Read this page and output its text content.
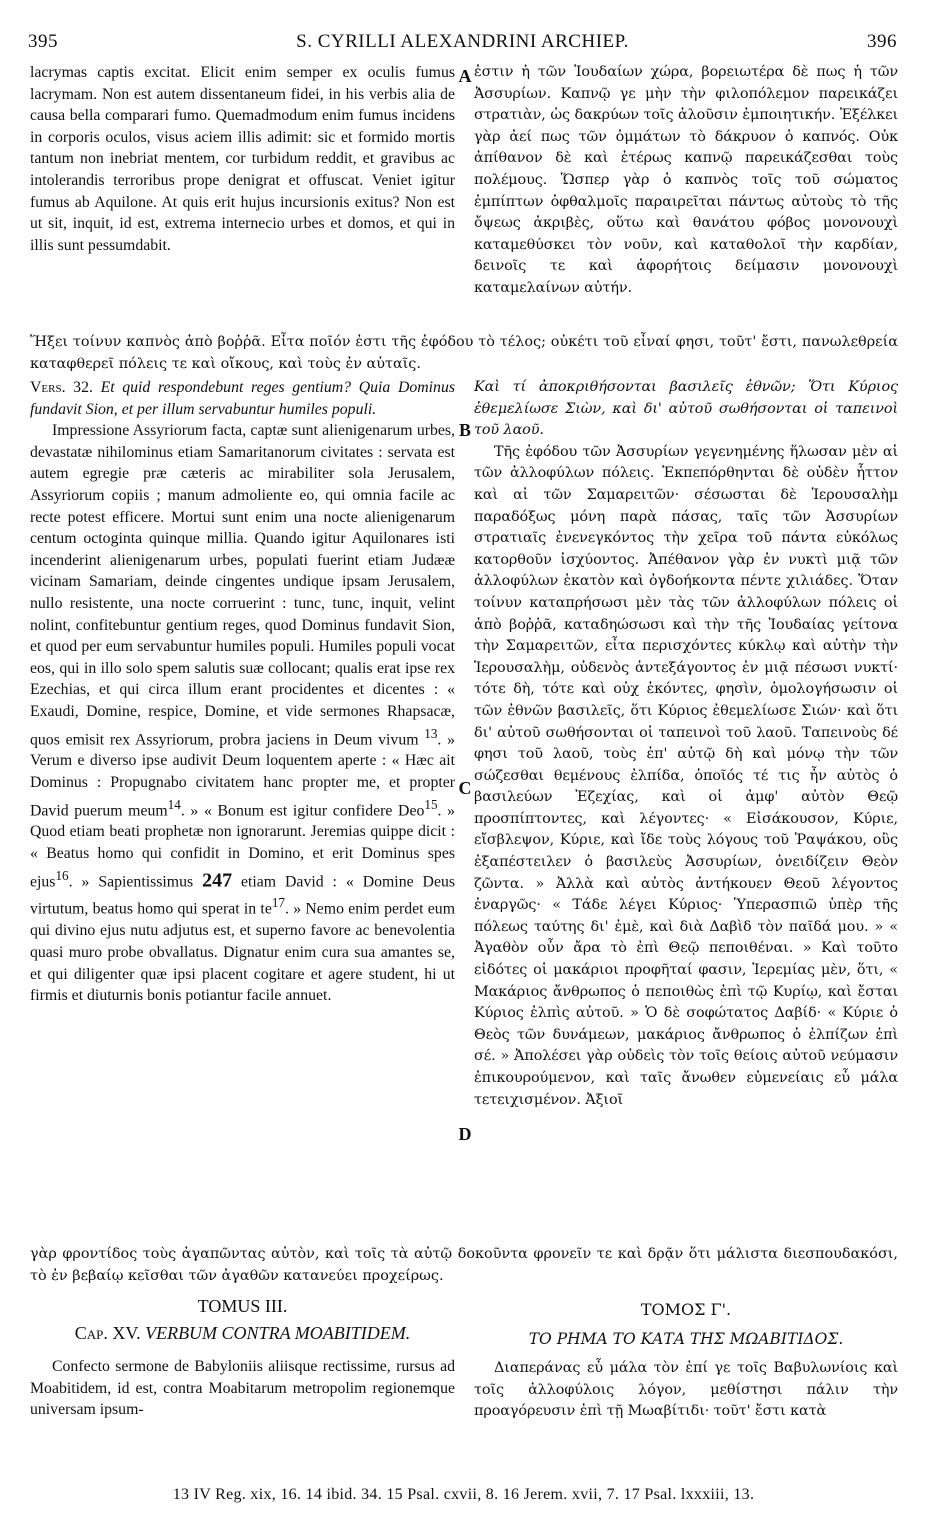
395	S. CYRILLI ALEXANDRINI ARCHIEP.	396

lacrymas captis excitat. Elicit enim semper ex oculis fumus lacrymam. Non est autem dissentaneum fidei, in his verbis alia de causa bella comparari fumo. Quemadmodum enim fumus incidens in corporis oculos, visus aciem illis adimit: sic et formido mortis tantum non inebriat mentem, cor turbidum reddit, et gravibus ac intolerandis terroribus prope denigrat et offuscat. Veniet igitur fumus ab Aquilone. At quis erit hujus incursionis exitus? Non est ut sit, inquit, id est, extrema internecio urbes et domos, et qui in illis sunt pessumdabit.

ἐστιν ἡ τῶν Ἰουδαίων χώρα, βορειωτέρα δὲ πως ἡ τῶν Ἀσσυρίων. Καπνῷ γε μὴν τὴν φιλοπόλεμον παρεικάζει στρατιὰν, ὡς δακρύων τοῖς ἁλοῦσιν ἐμποιητικήν. Ἐξέλκει γὰρ ἀεί πως τῶν ὀμμάτων τὸ δάκρυον ὁ καπνός. Οὐκ ἀπίθανον δὲ καὶ ἑτέρως καπνῷ παρεικάζεσθαι τοὺς πολέμους. Ὥσπερ γὰρ ὁ καπνὸς τοῖς τοῦ σώματος ἐμπίπτων ὀφθαλμοῖς παραιρεῖται πάντως αὐτοὺς τὸ τῆς ὄψεως ἀκριβὲς, οὕτω καὶ θανάτου φόβος μονονουχὶ καταμεθύσκει τὸν νοῦν, καὶ καταθολοῖ τὴν καρδίαν, δεινοῖς τε καὶ ἀφορήτοις δείμασιν μονονουχὶ καταμελαίνων αὐτήν.

A
Ἥξει τοίνυν καπνὸς ἀπὸ βοῤῥᾶ. Εἶτα ποῖόν ἐστι τῆς ἐφόδου τὸ τέλος; οὐκέτι τοῦ εἶναί φησι, τοῦτ' ἔστι, πανωλεθρεία καταφθερεῖ πόλεις τε καὶ οἴκους, καὶ τοὺς ἐν αὐταῖς.

Vers. 32. Et quid respondebunt reges gentium? Quia Dominus fundavit Sion, et per illum servabuntur humiles populi.

Impressione Assyriorum facta, captæ sunt alienigenarum urbes, devastatæ nihilominus etiam Samaritanorum civitates : servata est autem egregie præ cæteris ac mirabiliter sola Jerusalem, Assyriorum copiis ; manum admoliente eo, qui omnia facile ac recte potest efficere. Mortui sunt enim una nocte alienigenarum centum octoginta quinque millia. Quando igitur Aquilonares isti incenderint alienigenarum urbes, populati fuerint etiam Judææ vicinam Samariam, deinde cingentes undique ipsam Jerusalem, nullo resistente, una nocte corruerint : tunc, tunc, inquit, velint nolint, confitebuntur gentium reges, quod Dominus fundavit Sion, et quod per eum servabuntur humiles populi. Humiles populi vocat eos, qui in illo solo spem salutis suæ collocant; qualis erat ipse rex Ezechias, et qui circa illum erant procidentes et dicentes : « Exaudi, Domine, respice, Domine, et vide sermones Rhapsacæ, quos emisit rex Assyriorum, probra jaciens in Deum vivum $^{13}$. » Verum e diverso ipse audivit Deum loquentem aperte : « Hæc ait Dominus : Propugnabo civitatem hanc propter me, et propter David puerum meum$^{14}$. » « Bonum est igitur confidere Deo$^{15}$. » Quod etiam beati prophetæ non ignorarunt. Jeremias quippe dicit : « Beatus homo qui confidit in Domino, et erit Dominus spes ejus$^{16}$. » Sapientissimus 247 etiam David : « Domine Deus virtutum, beatus homo qui sperat in $te^{17}$. » Nemo enim perdet eum qui divino ejus nutu adjutus est, et superno favore ac benevolentia quasi muro probe obvallatus. Dignatur enim cura sua amantes se, et qui diligenter quæ ipsi placent cogitare et agere student, hi ut firmis et diuturnis bonis potiantur facile annuet.

Καὶ τί ἀποκριθήσονται βασιλεῖς ἐθνῶν; Ὅτι Κύριος ἐθεμελίωσε Σιὼν, καὶ δι' αὐτοῦ σωθήσονται οἱ ταπεινοὶ τοῦ λαοῦ.

Τῆς ἐφόδου τῶν Ἀσσυρίων γεγενημένης ἥλωσαν μὲν αἱ τῶν ἀλλοφύλων πόλεις. Ἐκπεπόρθηνται δὲ οὐδὲν ἧττον καὶ αἱ τῶν Σαμαρειτῶν· σέσωσται δὲ Ἱερουσαλὴμ παραδόξως μόνη παρὰ πάσας, ταῖς τῶν Ἀσσυρίων στρατιαῖς ἐνενεγκόντος τὴν χεῖρα τοῦ πάντα εὐκόλως κατορθοῦν ἰσχύοντος. Ἀπέθανον γὰρ ἐν νυκτὶ μιᾷ τῶν ἀλλοφύλων ἑκατὸν καὶ ὀγδοήκοντα πέντε χιλιάδες. Ὅταν τοίνυν καταπρήσωσι μὲν τὰς τῶν ἀλλοφύλων πόλεις οἱ ἀπὸ βοῤῥᾶ, καταδηώσωσι καὶ τὴν τῆς Ἰουδαίας γείτονα τὴν Σαμαρειτῶν, εἶτα περισχόντες κύκλῳ καὶ αὐτὴν τὴν Ἱερουσαλὴμ, οὐδενὸς ἀντεξάγοντος ἐν μιᾷ πέσωσι νυκτί· τότε δὴ, τότε καὶ οὐχ ἑκόντες, φησὶν, ὁμολογήσωσιν οἱ τῶν ἐθνῶν βασιλεῖς, ὅτι Κύριος ἐθεμελίωσε Σιών· καὶ ὅτι δι' αὐτοῦ σωθήσονται οἱ ταπεινοὶ τοῦ λαοῦ. Ταπεινοὺς δέ φησι τοῦ λαοῦ, τοὺς ἐπ' αὐτῷ δὴ καὶ μόνῳ τὴν τῶν σώζεσθαι θεμένους ἐλπίδα, ὁποῖός τέ τις ἦν αὐτὸς ὁ βασιλεύων Ἐζεχίας, καὶ οἱ ἀμφ' αὐτὸν Θεῷ προσπίπτοντες, καὶ λέγοντες· « Εἰσάκουσον, Κύριε, εἴσβλεψον, Κύριε, καὶ ἴδε τοὺς λόγους τοῦ Ῥαψάκου, οὓς ἐξαπέστειλεν ὁ βασιλεὺς Ἀσσυρίων, ὀνειδίζειν Θεὸν ζῶντα. » Ἀλλὰ καὶ αὐτὸς ἀντήκουεν Θεοῦ λέγοντος ἐναργῶς· « Τάδε λέγει Κύριος· Ὑπερασπιῶ ὑπὲρ τῆς πόλεως ταύτης δι' ἐμὲ, καὶ διὰ Δαβὶδ τὸν παῖδά μου. » « Ἀγαθὸν οὖν ἄρα τὸ ἐπὶ Θεῷ πεποιθέναι. » Καὶ τοῦτο εἰδότες οἱ μακάριοι προφῆταί φασιν, Ἱερεμίας μὲν, ὅτι, « Μακάριος ἄνθρωπος ὁ πεποιθὼς ἐπὶ τῷ Κυρίῳ, καὶ ἔσται Κύριος ἐλπὶς αὐτοῦ. » Ὁ δὲ σοφώτατος Δαβίδ· « Κύριε ὁ Θεὸς τῶν δυνάμεων, μακάριος ἄνθρωπος ὁ ἐλπίζων ἐπὶ σέ. » Ἀπολέσει γὰρ οὐδεὶς τὸν τοῖς θείοις αὐτοῦ νεύμασιν ἐπικουρούμενον, καὶ ταῖς ἄνωθεν εὐμενείαις εὖ μάλα τετειχισμένον. Ἀξιοῖ

B
C
D
γὰρ φροντίδος τοὺς ἀγαπῶντας αὐτὸν, καὶ τοῖς τὰ αὐτῷ δοκοῦντα φρονεῖν τε καὶ δρᾷν ὅτι μάλιστα διεσπουδακόσι, τὸ ἐν βεβαίῳ κεῖσθαι τῶν ἀγαθῶν κατανεύει προχείρως.
TOMUS III.	ΤΟΜΟΣ Γ'.
Cap. XV. VERBUM CONTRA MOABITIDEM.	ΤΟ ΡΗΜΑ ΤΟ ΚΑΤΑ ΤΗΣ ΜΩΑΒΙΤΙΔΟΣ.

Confecto sermone de Babyloniis aliisque rectissime, rursus ad Moabitidem, id est, contra Moabitarum metropolim regionemque universam ipsum-

Διαπεράνας εὖ μάλα τὸν ἐπί γε τοῖς Βαβυλωνίοις καὶ τοῖς ἀλλοφύλοις λόγον, μεθίστησι πάλιν τὴν προαγόρευσιν ἐπὶ τῇ Μωαβίτιδι· τοῦτ' ἔστι κατὰ

13 IV Reg. xix, 16. 14 ibid. 34. 15 Psal. cxvii, 8. 16 Jerem. xvii, 7. 17 Psal. lxxxiii, 13.
